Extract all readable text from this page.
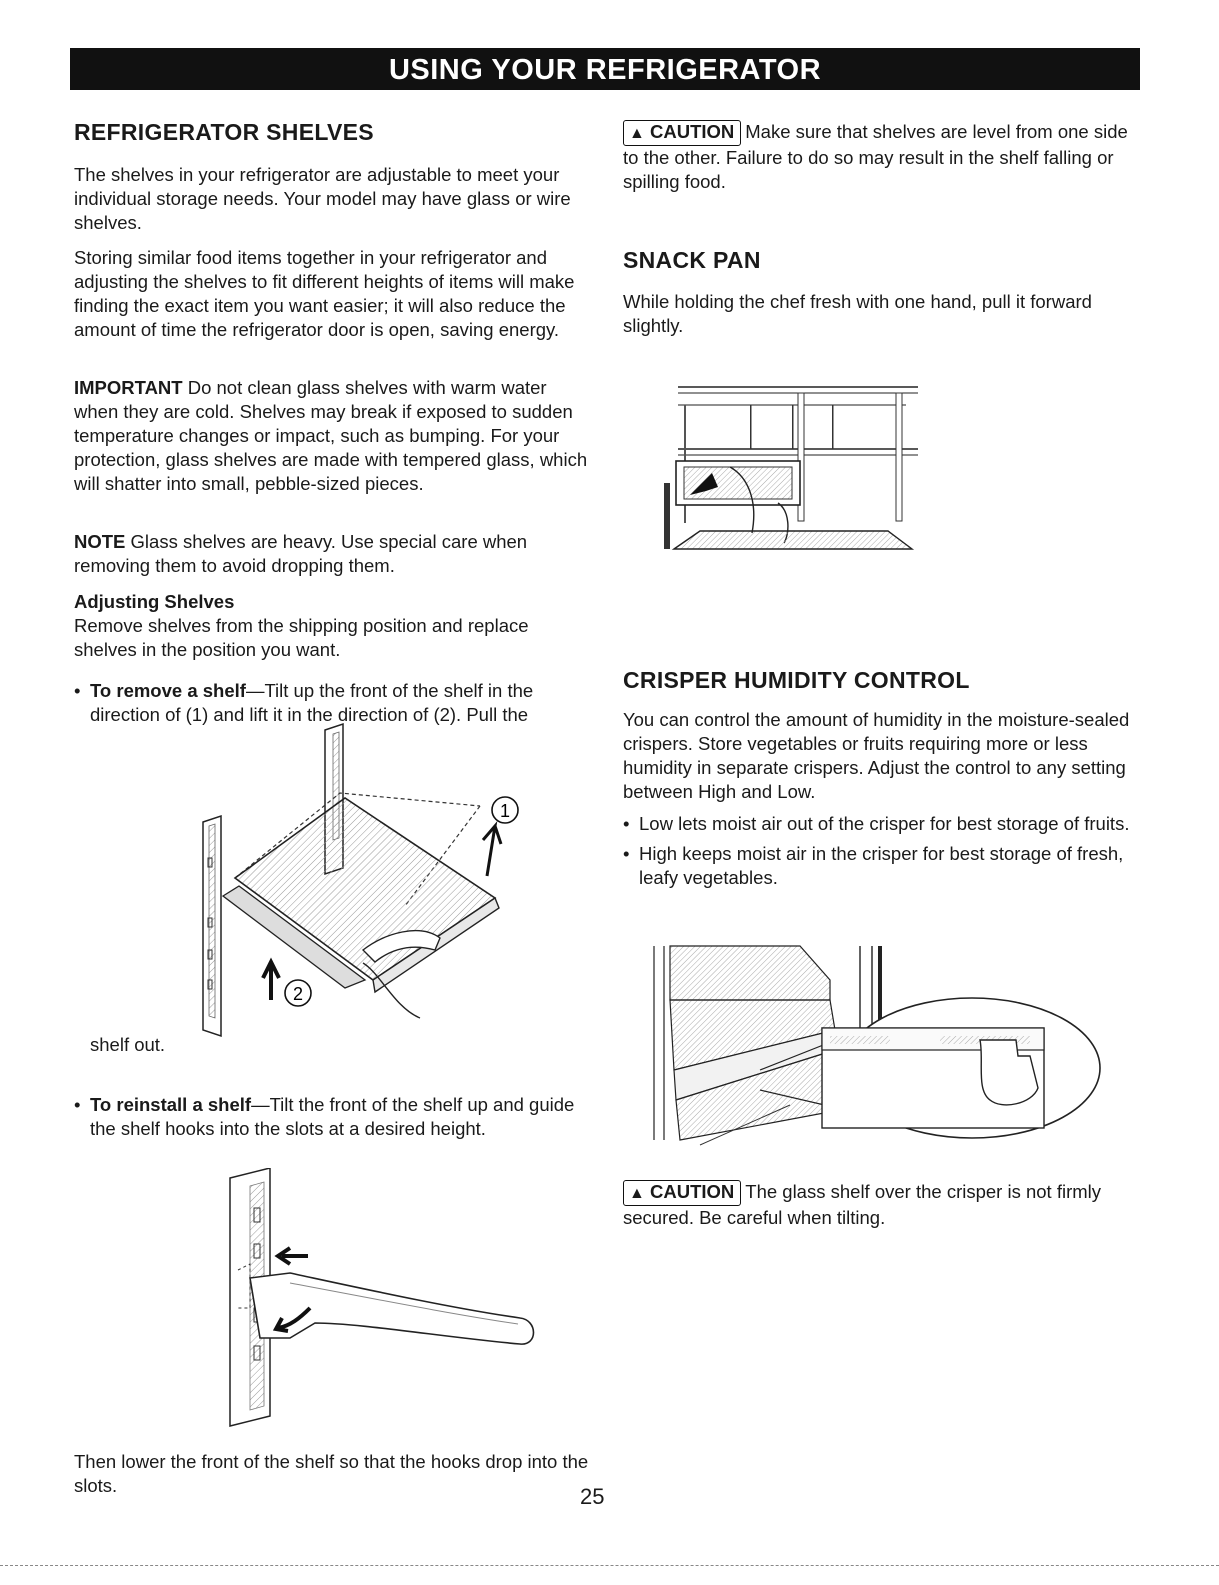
USING YOUR REFRIGERATOR
REFRIGERATOR SHELVES

The shelves in your refrigerator are adjustable to meet your individual storage needs. Your model may have glass or wire shelves.

Storing similar food items together in your refrigerator and adjusting the shelves to fit different heights of items will make finding the exact item you want easier; it will also reduce the amount of time the refrigerator door is open, saving energy.

IMPORTANT Do not clean glass shelves with warm water when they are cold. Shelves may break if exposed to sudden temperature changes or impact, such as bumping. For your protection, glass shelves are made with tempered glass, which will shatter into small, pebble-sized pieces.

NOTE Glass shelves are heavy. Use special care when removing them to avoid dropping them.

Adjusting Shelves

Remove shelves from the shipping position and replace shelves in the position you want.

• To remove a shelf—Tilt up the front of the shelf in the direction of (1) and lift it in the direction of (2). Pull the

1
2

shelf out.

• To reinstall a shelf—Tilt the front of the shelf up and guide the shelf hooks into the slots at a desired height.

Then lower the front of the shelf so that the hooks drop into the slots.

▲ CAUTION Make sure that shelves are level from one side to the other. Failure to do so may result in the shelf falling or spilling food.

SNACK PAN

While holding the chef fresh with one hand, pull it forward slightly.

CRISPER HUMIDITY CONTROL

You can control the amount of humidity in the moisture-sealed crispers. Store vegetables or fruits requiring more or less humidity in separate crispers. Adjust the control to any setting between High and Low.

• Low lets moist air out of the crisper for best storage of fruits.

• High keeps moist air in the crisper for best storage of fresh, leafy vegetables.

▲ CAUTION The glass shelf over the crisper is not firmly secured. Be careful when tilting.

25
